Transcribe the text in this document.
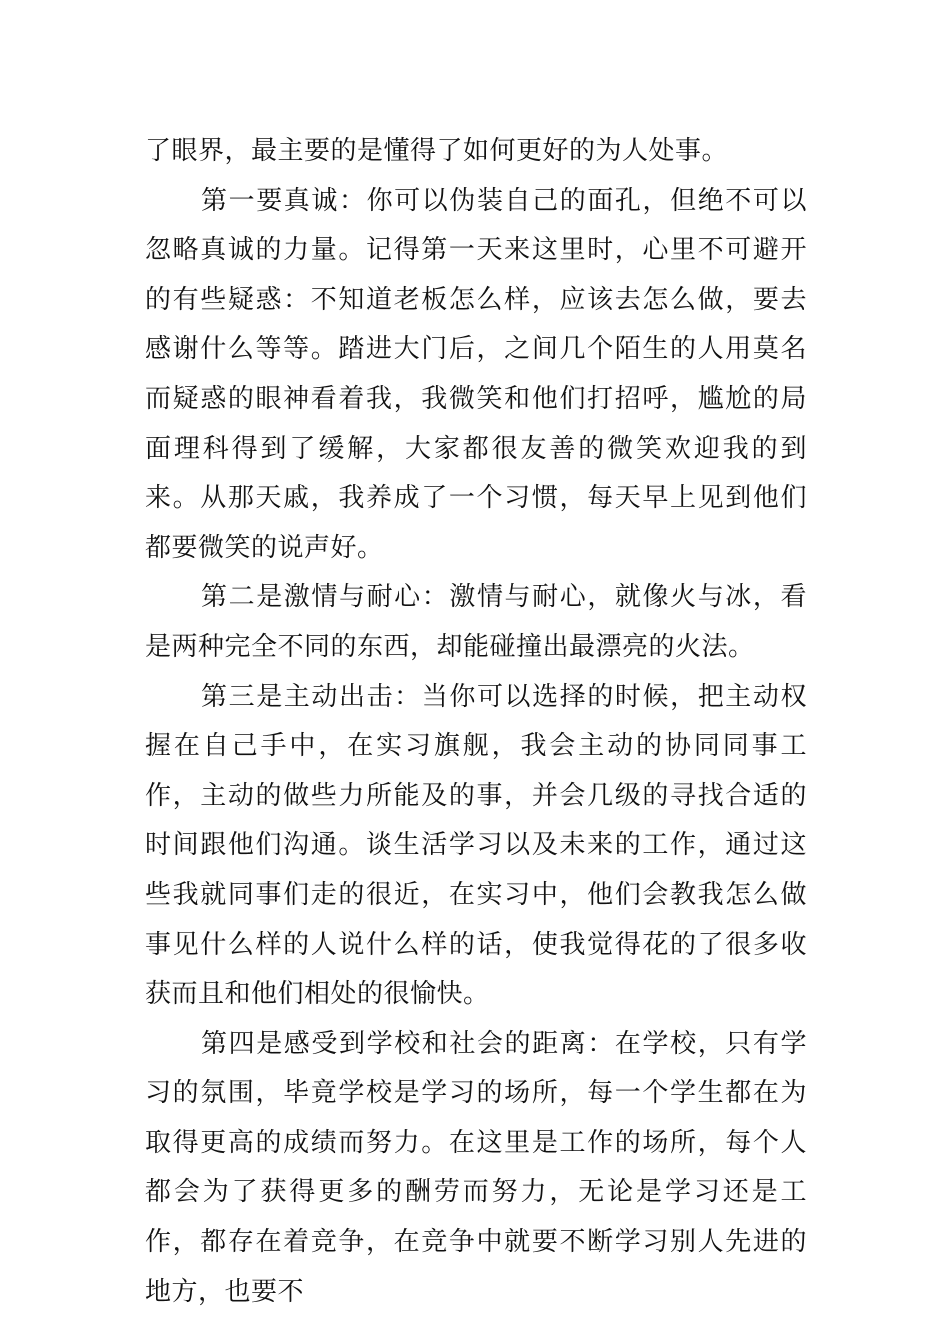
了眼界，最主要的是懂得了如何更好的为人处事。

第一要真诚：你可以伪装自己的面孔，但绝不可以忽略真诚的力量。记得第一天来这里时，心里不可避开的有些疑惑：不知道老板怎么样，应该去怎么做，要去感谢什么等等。踏进大门后，之间几个陌生的人用莫名而疑惑的眼神看着我，我微笑和他们打招呼，尴尬的局面理科得到了缓解，大家都很友善的微笑欢迎我的到来。从那天戚，我养成了一个习惯，每天早上见到他们都要微笑的说声好。

第二是激情与耐心：激情与耐心，就像火与冰，看是两种完全不同的东西，却能碰撞出最漂亮的火法。

第三是主动出击：当你可以选择的时候，把主动权握在自己手中，在实习旗舰，我会主动的协同同事工作，主动的做些力所能及的事，并会几级的寻找合适的时间跟他们沟通。谈生活学习以及未来的工作，通过这些我就同事们走的很近，在实习中，他们会教我怎么做事见什么样的人说什么样的话，使我觉得花的了很多收获而且和他们相处的很愉快。

第四是感受到学校和社会的距离：在学校，只有学习的氛围，毕竟学校是学习的场所，每一个学生都在为取得更高的成绩而努力。在这里是工作的场所，每个人都会为了获得更多的酬劳而努力，无论是学习还是工作，都存在着竞争，在竞争中就要不断学习别人先进的地方，也要不
